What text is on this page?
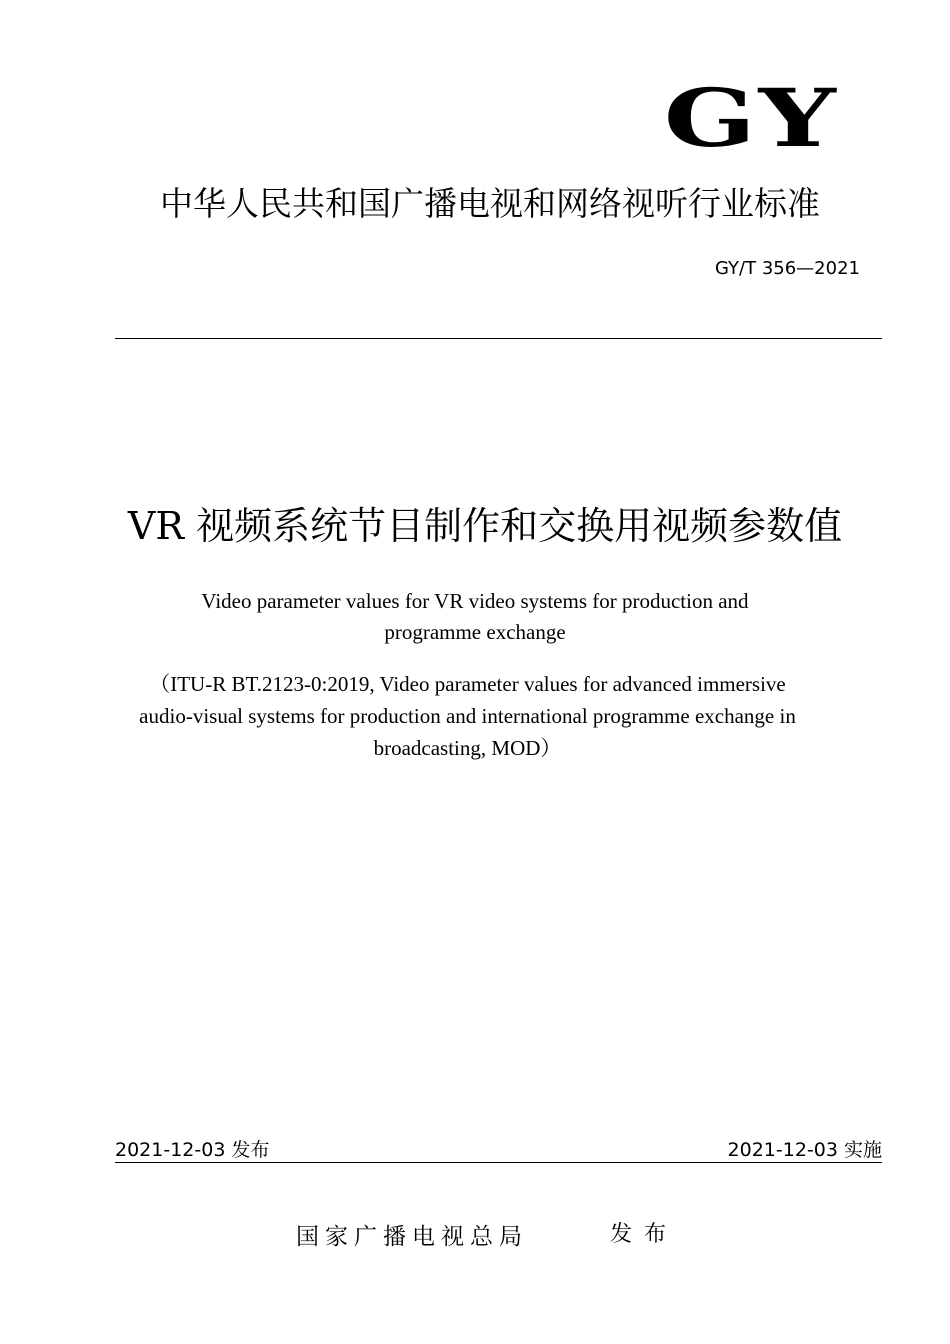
GY
中华人民共和国广播电视和网络视听行业标准
GY/T 356—2021
VR 视频系统节目制作和交换用视频参数值
Video parameter values for VR video systems for production and
programme exchange
（ITU-R BT.2123-0:2019, Video parameter values for advanced immersive
audio-visual systems for production and international programme exchange in
broadcasting, MOD）
2021-12-03 发布	2021-12-03 实施
国家广播电视总局	发布
